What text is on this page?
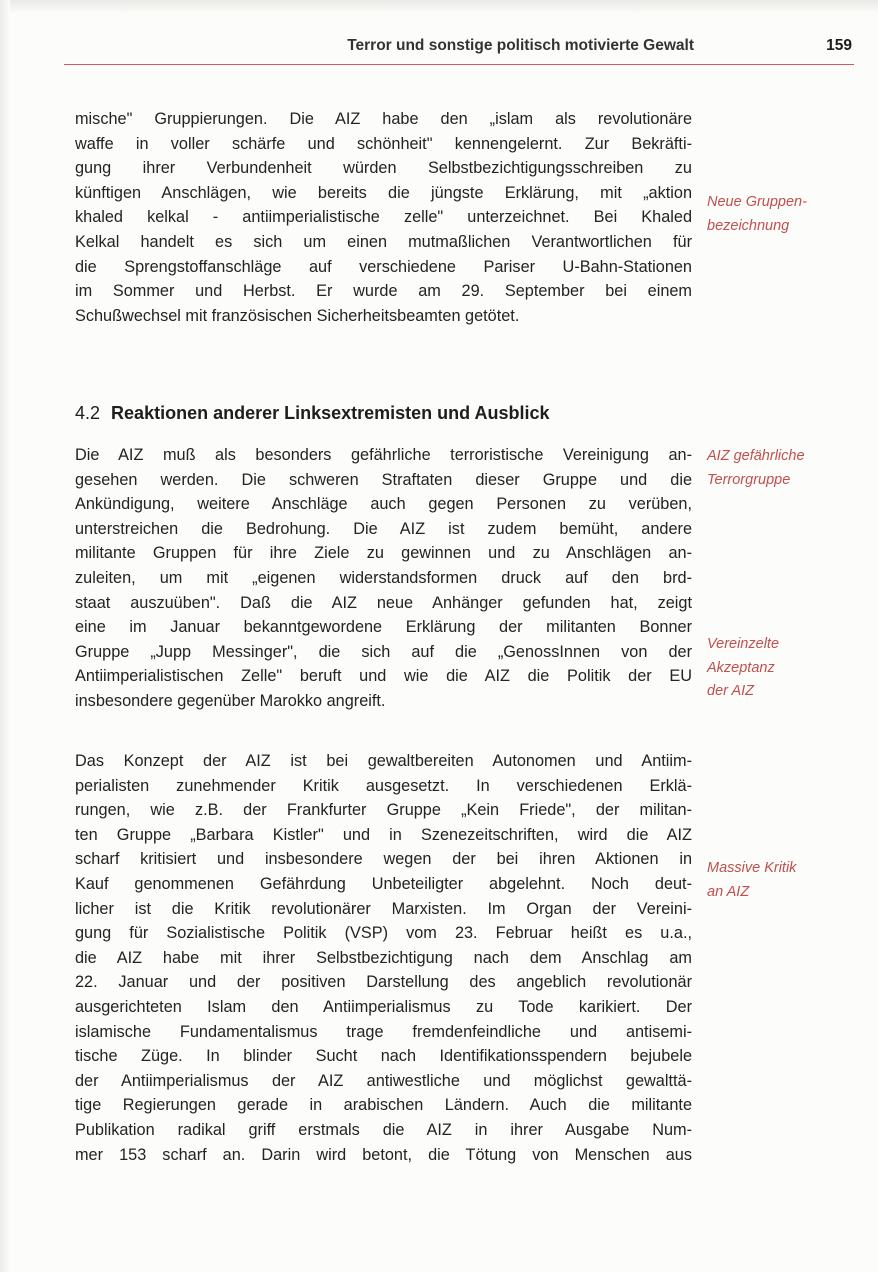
Terror und sonstige politisch motivierte Gewalt	159
mische" Gruppierungen. Die AIZ habe den „islam als revolutionäre
waffe in voller schärfe und schönheit" kennengelernt. Zur Bekräfti-
gung ihrer Verbundenheit würden Selbstbezichtigungsschreiben zu
künftigen Anschlägen, wie bereits die jüngste Erklärung, mit „aktion
khaled kelkal - antiimperialistische zelle" unterzeichnet. Bei Khaled
Kelkal handelt es sich um einen mutmaßlichen Verantwortlichen für
die Sprengstoffanschläge auf verschiedene Pariser U-Bahn-Stationen
im Sommer und Herbst. Er wurde am 29. September bei einem
Schußwechsel mit französischen Sicherheitsbeamten getötet.
4.2 Reaktionen anderer Linksextremisten und Ausblick
Die AIZ muß als besonders gefährliche terroristische Vereinigung an-
gesehen werden. Die schweren Straftaten dieser Gruppe und die
Ankündigung, weitere Anschläge auch gegen Personen zu verüben,
unterstreichen die Bedrohung. Die AIZ ist zudem bemüht, andere
militante Gruppen für ihre Ziele zu gewinnen und zu Anschlägen an-
zuleiten, um mit „eigenen widerstandsformen druck auf den brd-
staat auszuüben". Daß die AIZ neue Anhänger gefunden hat, zeigt
eine im Januar bekanntgewordene Erklärung der militanten Bonner
Gruppe „Jupp Messinger", die sich auf die „GenossInnen von der
Antiimperialistischen Zelle" beruft und wie die AIZ die Politik der EU
insbesondere gegenüber Marokko angreift.
Das Konzept der AIZ ist bei gewaltbereiten Autonomen und Antiim-
perialisten zunehmender Kritik ausgesetzt. In verschiedenen Erklä-
rungen, wie z.B. der Frankfurter Gruppe „Kein Friede", der militan-
ten Gruppe „Barbara Kistler" und in Szenezeitschriften, wird die AIZ
scharf kritisiert und insbesondere wegen der bei ihren Aktionen in
Kauf genommenen Gefährdung Unbeteiligter abgelehnt. Noch deut-
licher ist die Kritik revolutionärer Marxisten. Im Organ der Vereini-
gung für Sozialistische Politik (VSP) vom 23. Februar heißt es u.a.,
die AIZ habe mit ihrer Selbstbezichtigung nach dem Anschlag am
22. Januar und der positiven Darstellung des angeblich revolutionär
ausgerichteten Islam den Antiimperialismus zu Tode karikiert. Der
islamische Fundamentalismus trage fremdenfeindliche und antisemi-
tische Züge. In blinder Sucht nach Identifikationsspendern bejubele
der Antiimperialismus der AIZ antiwestliche und möglichst gewalttä-
tige Regierungen gerade in arabischen Ländern. Auch die militante
Publikation radikal griff erstmals die AIZ in ihrer Ausgabe Num-
mer 153 scharf an. Darin wird betont, die Tötung von Menschen aus
Neue Gruppen-
bezeichnung
AIZ gefährliche
Terrorgruppe
Vereinzelte
Akzeptanz
der AIZ
Massive Kritik
an AIZ
